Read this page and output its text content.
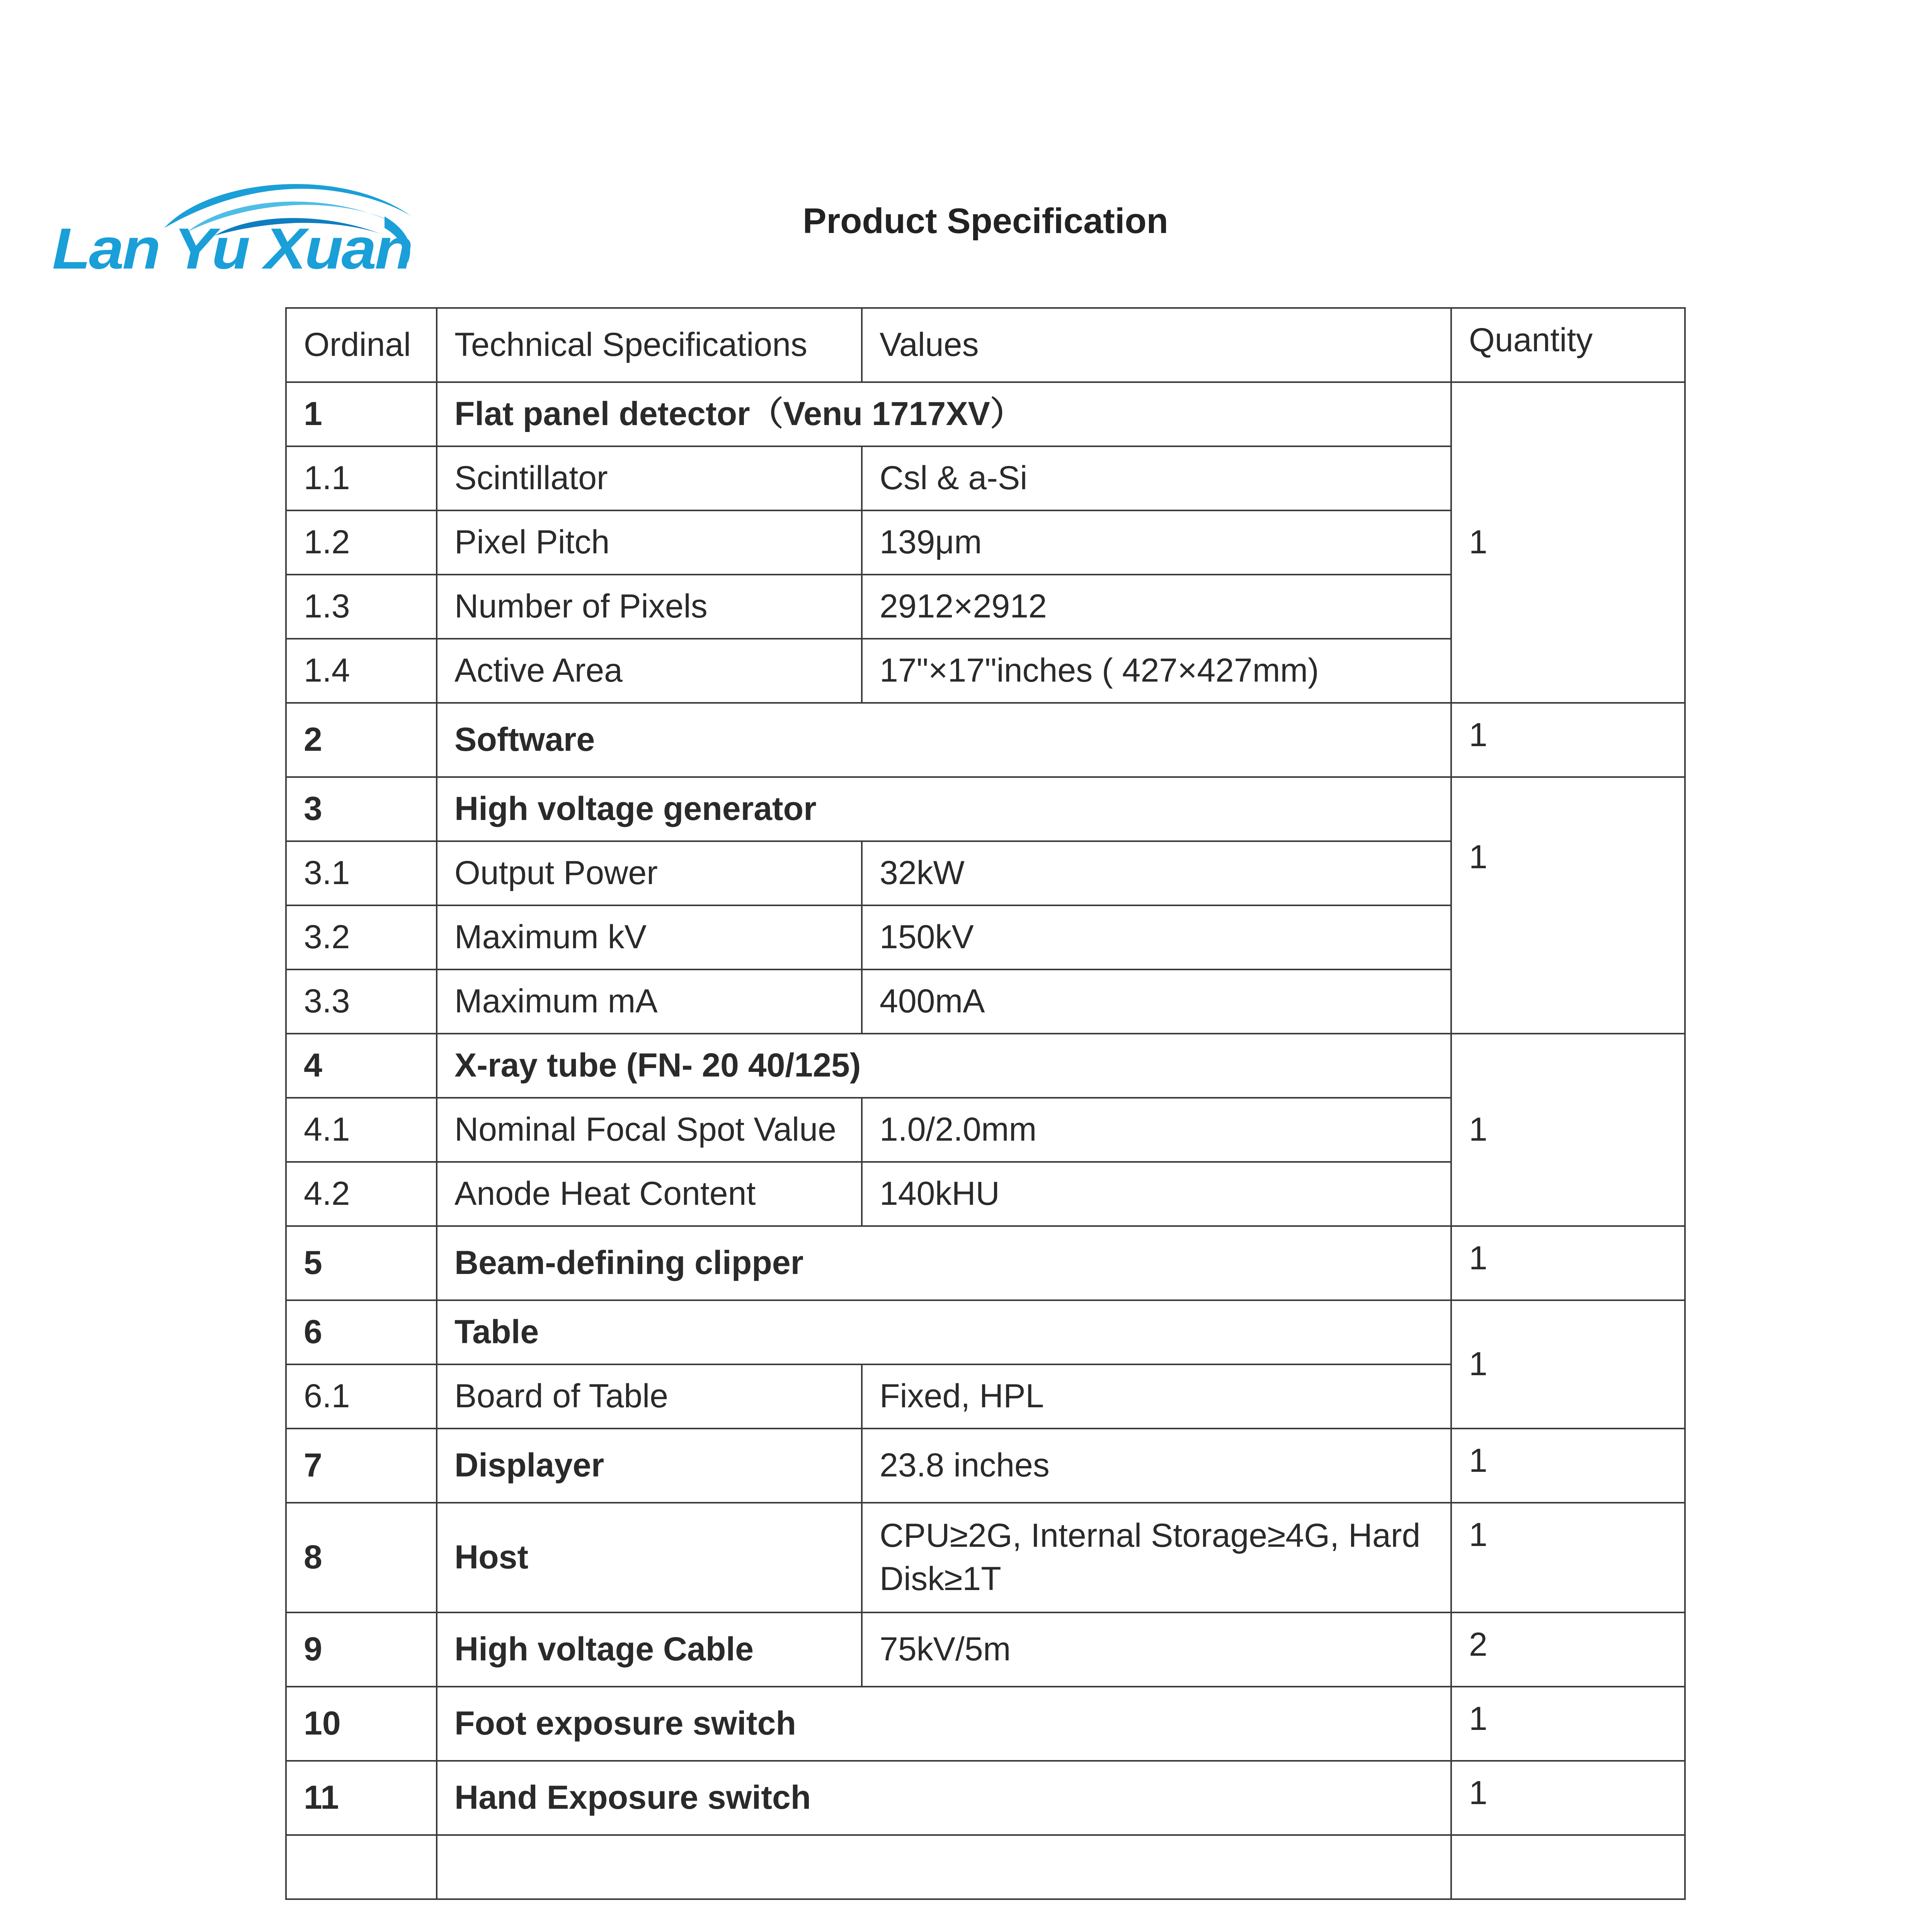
Lan Yu Xuan	Product Specification
Ordinal	Technical Specifications	Values	Quantity
1	Flat panel detector（Venu 1717XV）		1
1.1	Scintillator	Csl & a-Si	
1.2	Pixel Pitch	139μm	
1.3	Number of Pixels	2912×2912	
1.4	Active Area	17"×17"inches ( 427×427mm)	
2	Software		1
3	High voltage generator		1
3.1	Output Power	32kW	
3.2	Maximum kV	150kV	
3.3	Maximum mA	400mA	
4	X-ray tube (FN- 20 40/125)		1
4.1	Nominal Focal Spot Value	1.0/2.0mm	
4.2	Anode Heat Content	140kHU	
5	Beam-defining clipper		1
6	Table		1
6.1	Board of Table	Fixed, HPL	
7	Displayer	23.8 inches	1
8	Host	CPU≥2G, Internal Storage≥4G, Hard Disk≥1T	1
9	High voltage Cable	75kV/5m	2
10	Foot exposure switch		1
11	Hand Exposure switch		1
